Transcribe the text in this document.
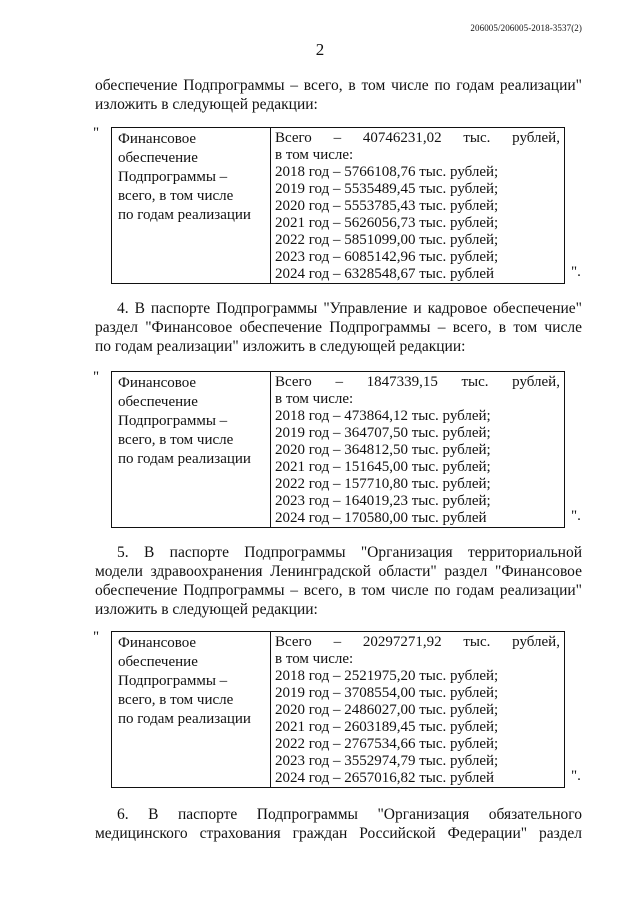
206005/206005-2018-3537(2)
2
обеспечение Подпрограммы – всего, в том числе по годам реализации"
изложить в следующей редакции:
" Финансовое
обеспечение
Подпрограммы –
всего, в том числе
по годам реализации

Всего – 40746231,02 тыс. рублей,
в том числе:
2018 год – 5766108,76 тыс. рублей;
2019 год – 5535489,45 тыс. рублей;
2020 год – 5553785,43 тыс. рублей;
2021 год – 5626056,73 тыс. рублей;
2022 год – 5851099,00 тыс. рублей;
2023 год – 6085142,96 тыс. рублей;
2024 год – 6328548,67 тыс. рублей	".
4. В паспорте Подпрограммы "Управление и кадровое обеспечение"
раздел "Финансовое обеспечение Подпрограммы – всего, в том числе
по годам реализации" изложить в следующей редакции:
" Финансовое
обеспечение
Подпрограммы –
всего, в том числе
по годам реализации

Всего – 1847339,15 тыс. рублей,
в том числе:
2018 год – 473864,12 тыс. рублей;
2019 год – 364707,50 тыс. рублей;
2020 год – 364812,50 тыс. рублей;
2021 год – 151645,00 тыс. рублей;
2022 год – 157710,80 тыс. рублей;
2023 год – 164019,23 тыс. рублей;
2024 год – 170580,00 тыс. рублей	".
5. В паспорте Подпрограммы "Организация территориальной
модели здравоохранения Ленинградской области" раздел "Финансовое
обеспечение Подпрограммы – всего, в том числе по годам реализации"
изложить в следующей редакции:
" Финансовое
обеспечение
Подпрограммы –
всего, в том числе
по годам реализации

Всего – 20297271,92 тыс. рублей,
в том числе:
2018 год – 2521975,20 тыс. рублей;
2019 год – 3708554,00 тыс. рублей;
2020 год – 2486027,00 тыс. рублей;
2021 год – 2603189,45 тыс. рублей;
2022 год – 2767534,66 тыс. рублей;
2023 год – 3552974,79 тыс. рублей;
2024 год – 2657016,82 тыс. рублей	".
6. В паспорте Подпрограммы "Организация обязательного
медицинского страхования граждан Российской Федерации" раздел
